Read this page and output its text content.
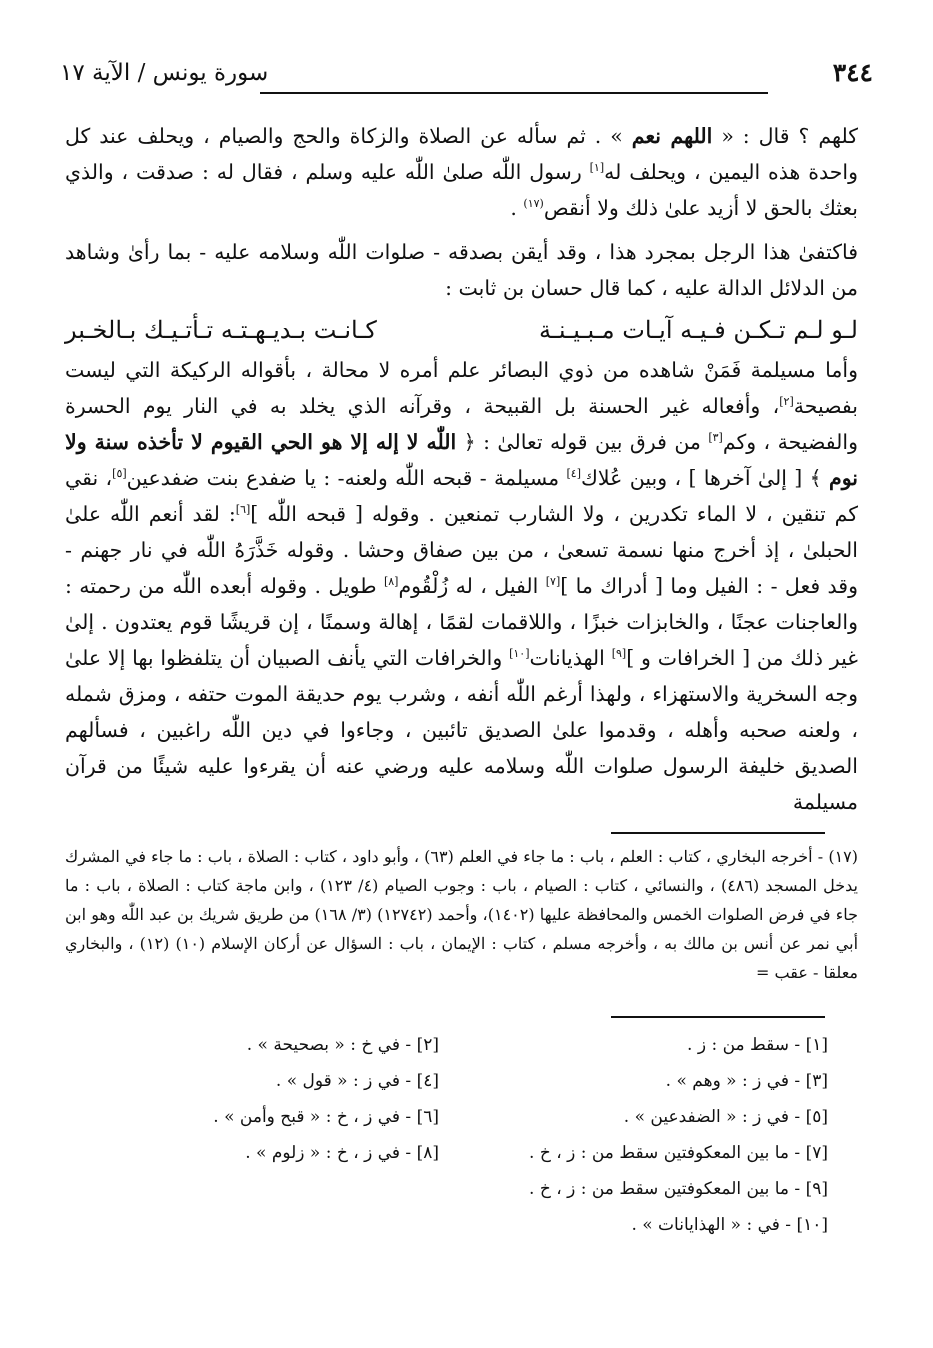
٣٤٤
سورة يونس / الآية ١٧

كلهم ؟ قال : « اللهم نعم » . ثم سأله عن الصلاة والزكاة والحج والصيام ، ويحلف عند كل واحدة هذه اليمين ، ويحلف له[١] رسول اللّٰه صلىٰ اللّٰه عليه وسلم ، فقال له : صدقت ، والذي بعثك بالحق لا أزيد علىٰ ذلك ولا أنقص$^{(١٧)}$ .

فاكتفىٰ هذا الرجل بمجرد هذا ، وقد أيقن بصدقه - صلوات اللّٰه وسلامه عليه - بما رأىٰ وشاهد من الدلائل الدالة عليه ، كما قال حسان بن ثابت :

لـو لـم تـكـن فـيـه آيـات مـبـيـنـة
كـانـت بـديـهـتـه تـأتـيـك بـالخـبر

وأما مسيلمة فَمَنْ شاهده من ذوي البصائر علم أمره لا محالة ، بأقواله الركيكة التي ليست بفصيحة[٢]، وأفعاله غير الحسنة بل القبيحة ، وقرآنه الذي يخلد به في النار يوم الحسرة والفضيحة ، وكم[٣] من فرق بين قوله تعالىٰ : ﴿ اللّٰه لا إله إلا هو الحي القيوم لا تأخذه سنة ولا نوم ﴾ [ إلىٰ آخرها ] ، وبين عُلاك[٤] مسيلمة - قبحه اللّٰه ولعنه- : يا ضفدع بنت ضفدعين[٥]، نقي كم تنقين ، لا الماء تكدرين ، ولا الشارب تمنعين . وقوله [ قبحه اللّٰه ][٦]: لقد أنعم اللّٰه علىٰ الحبلىٰ ، إذ أخرج منها نسمة تسعىٰ ، من بين صفاق وحشا . وقوله خَذَّرَهُ اللّٰه في نار جهنم - وقد فعل - : الفيل وما [ أدراك ما ][٧] الفيل ، له زُلْقُوم[٨] طويل . وقوله أبعده اللّٰه من رحمته : والعاجنات عجنًا ، والخابزات خبزًا ، واللاقمات لقمًا ، إهالة وسمنًا ، إن قريشًا قوم يعتدون . إلىٰ غير ذلك من [ الخرافات و ][٩] الهذيانات[١٠] والخرافات التي يأنف الصبيان أن يتلفظوا بها إلا علىٰ وجه السخرية والاستهزاء ، ولهذا أرغم اللّٰه أنفه ، وشرب يوم حديقة الموت حتفه ، ومزق شمله ، ولعنه صحبه وأهله ، وقدموا علىٰ الصديق تائبين ، وجاءوا في دين اللّٰه راغبين ، فسألهم الصديق خليفة الرسول صلوات اللّٰه وسلامه عليه ورضي عنه أن يقرءوا عليه شيئًا من قرآن مسيلمة

(١٧) - أخرجه البخاري ، كتاب : العلم ، باب : ما جاء في العلم (٦٣) ، وأبو داود ، كتاب : الصلاة ، باب : ما جاء في المشرك يدخل المسجد (٤٨٦) ، والنسائي ، كتاب : الصيام ، باب : وجوب الصيام (٤/ ١٢٣) ، وابن ماجة كتاب : الصلاة ، باب : ما جاء في فرض الصلوات الخمس والمحافظة عليها (١٤٠٢)، وأحمد (١٢٧٤٢) (٣/ ١٦٨) من طريق شريك بن عبد اللّٰه وهو ابن أبي نمر عن أنس بن مالك به ، وأخرجه مسلم ، كتاب : الإيمان ، باب : السؤال عن أركان الإسلام (١٠) (١٢) ، والبخاري معلقا - عقب =

[١] - سقط من : ز .
[٢] - في خ : « بصحيحة » .
[٣] - في ز : « وهم » .
[٤] - في ز : « قول » .
[٥] - في ز : « الضفدعين » .
[٦] - في ز ، خ : « قبح وأمن » .
[٧] - ما بين المعكوفتين سقط من : ز ، خ .
[٨] - في ز ، خ : « زلوم » .
[٩] - ما بين المعكوفتين سقط من : ز ، خ .
[١٠] - في : « الهذايانات » .
